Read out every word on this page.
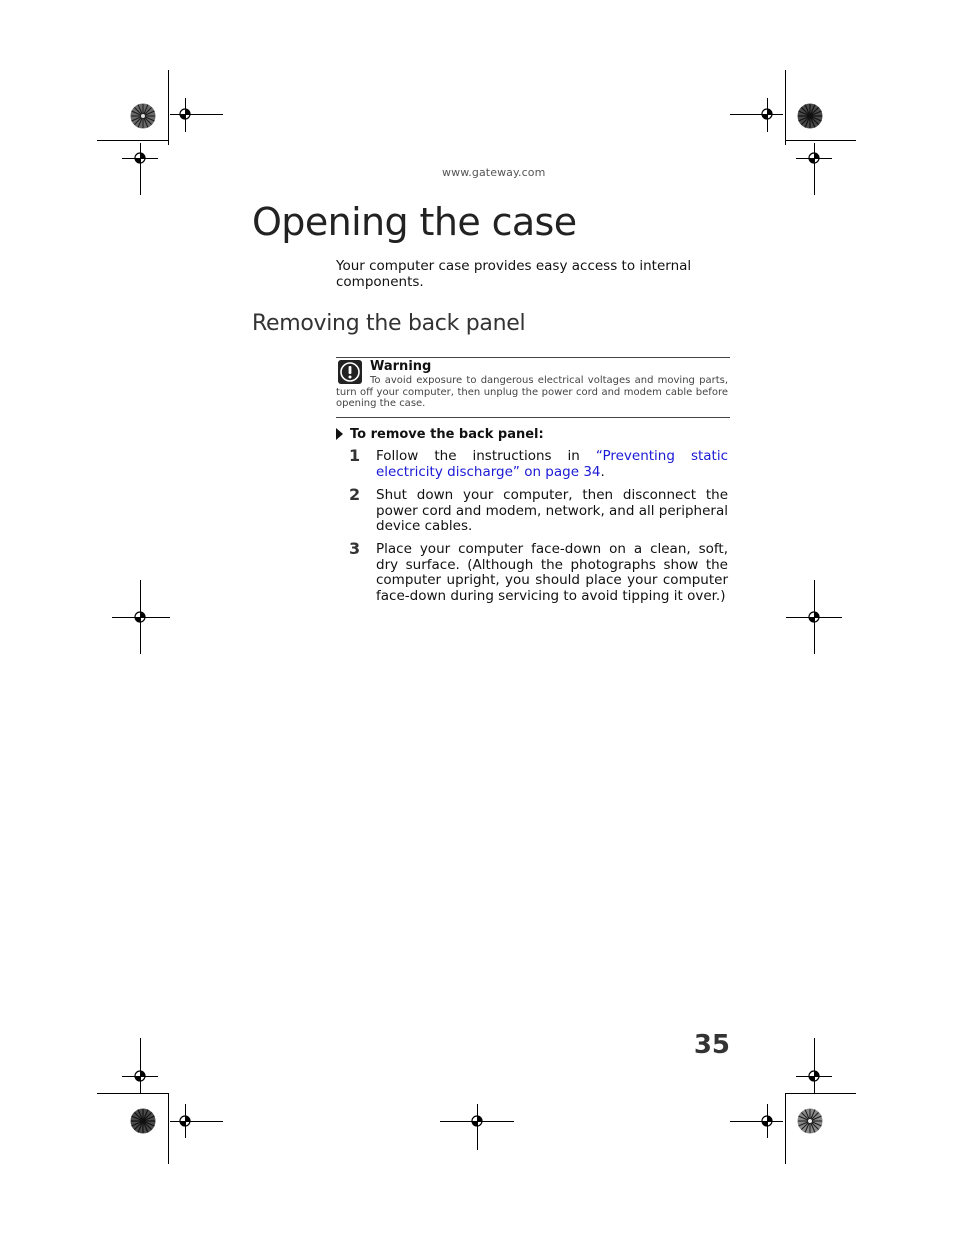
www.gateway.com
Opening the case

Your computer case provides easy access to internal components.

Removing the back panel
Warning
To avoid exposure to dangerous electrical voltages and moving parts, turn off your computer, then unplug the power cord and modem cable before opening the case.
To remove the back panel:
1 Follow the instructions in “Preventing static electricity discharge” on page 34.
2 Shut down your computer, then disconnect the power cord and modem, network, and all peripheral device cables.
3 Place your computer face-down on a clean, soft, dry surface. (Although the photographs show the computer upright, you should place your computer face-down during servicing to avoid tipping it over.)
35
